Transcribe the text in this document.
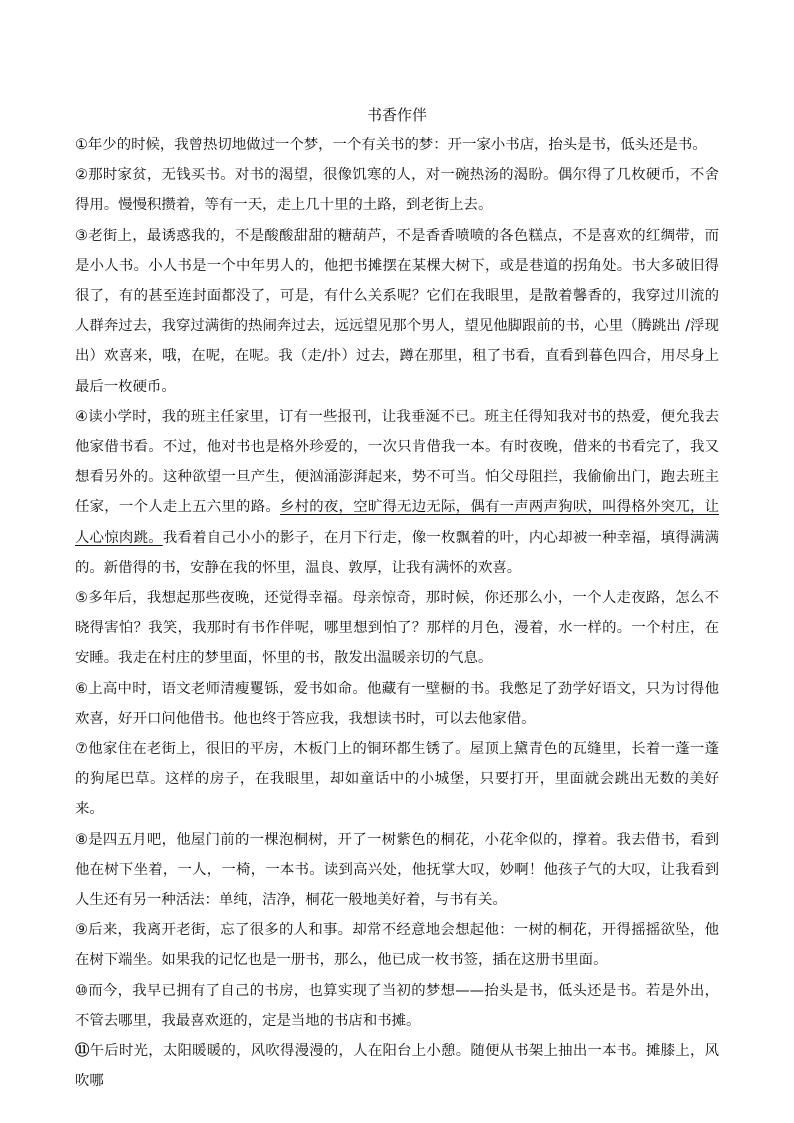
书香作伴

①年少的时候，我曾热切地做过一个梦，一个有关书的梦：开一家小书店，抬头是书，低头还是书。

②那时家贫，无钱买书。对书的渴望，很像饥寒的人，对一碗热汤的渴盼。偶尔得了几枚硬币，不舍得用。慢慢积攒着，等有一天，走上几十里的土路，到老街上去。

③老街上，最诱惑我的，不是酸酸甜甜的糖葫芦，不是香香喷喷的各色糕点，不是喜欢的红绸带，而是小人书。小人书是一个中年男人的，他把书摊摆在某棵大树下，或是巷道的拐角处。书大多破旧得很了，有的甚至连封面都没了，可是，有什么关系呢？它们在我眼里，是散着馨香的，我穿过川流的人群奔过去，我穿过满街的热闹奔过去，远远望见那个男人，望见他脚跟前的书，心里（腾跳出 /浮现出）欢喜来，哦，在呢，在呢。我（走/扑）过去，蹲在那里，租了书看，直看到暮色四合，用尽身上最后一枚硬币。

④读小学时，我的班主任家里，订有一些报刊，让我垂涎不已。班主任得知我对书的热爱，便允我去他家借书看。不过，他对书也是格外珍爱的，一次只肯借我一本。有时夜晚，借来的书看完了，我又想看另外的。这种欲望一旦产生，便汹涌澎湃起来，势不可当。怕父母阻拦，我偷偷出门，跑去班主任家，一个人走上五六里的路。乡村的夜，空旷得无边无际，偶有一声两声狗吠，叫得格外突兀，让人心惊肉跳。我看着自己小小的影子，在月下行走，像一枚飘着的叶，内心却被一种幸福，填得满满的。新借得的书，安静在我的怀里，温良、敦厚，让我有满怀的欢喜。

⑤多年后，我想起那些夜晚，还觉得幸福。母亲惊奇，那时候，你还那么小，一个人走夜路，怎么不晓得害怕？我笑，我那时有书作伴呢，哪里想到怕了？那样的月色，漫着，水一样的。一个村庄，在安睡。我走在村庄的梦里面，怀里的书，散发出温暖亲切的气息。

⑥上高中时，语文老师清瘦矍铄，爱书如命。他藏有一壁橱的书。我憋足了劲学好语文，只为讨得他欢喜，好开口问他借书。他也终于答应我，我想读书时，可以去他家借。

⑦他家住在老街上，很旧的平房，木板门上的铜环都生锈了。屋顶上黛青色的瓦缝里，长着一蓬一蓬的狗尾巴草。这样的房子，在我眼里，却如童话中的小城堡，只要打开，里面就会跳出无数的美好来。

⑧是四五月吧，他屋门前的一棵泡桐树，开了一树紫色的桐花，小花伞似的，撑着。我去借书，看到他在树下坐着，一人，一椅，一本书。读到高兴处，他抚掌大叹，妙啊！他孩子气的大叹，让我看到人生还有另一种活法：单纯，洁净，桐花一般地美好着，与书有关。

⑨后来，我离开老街，忘了很多的人和事。却常不经意地会想起他：一树的桐花，开得摇摇欲坠，他在树下端坐。如果我的记忆也是一册书，那么，他已成一枚书签，插在这册书里面。

⑩而今，我早已拥有了自己的书房，也算实现了当初的梦想——抬头是书，低头还是书。若是外出，不管去哪里，我最喜欢逛的，定是当地的书店和书摊。

⑪午后时光，太阳暖暖的，风吹得漫漫的，人在阳台上小憩。随便从书架上抽出一本书。摊膝上，风吹哪
